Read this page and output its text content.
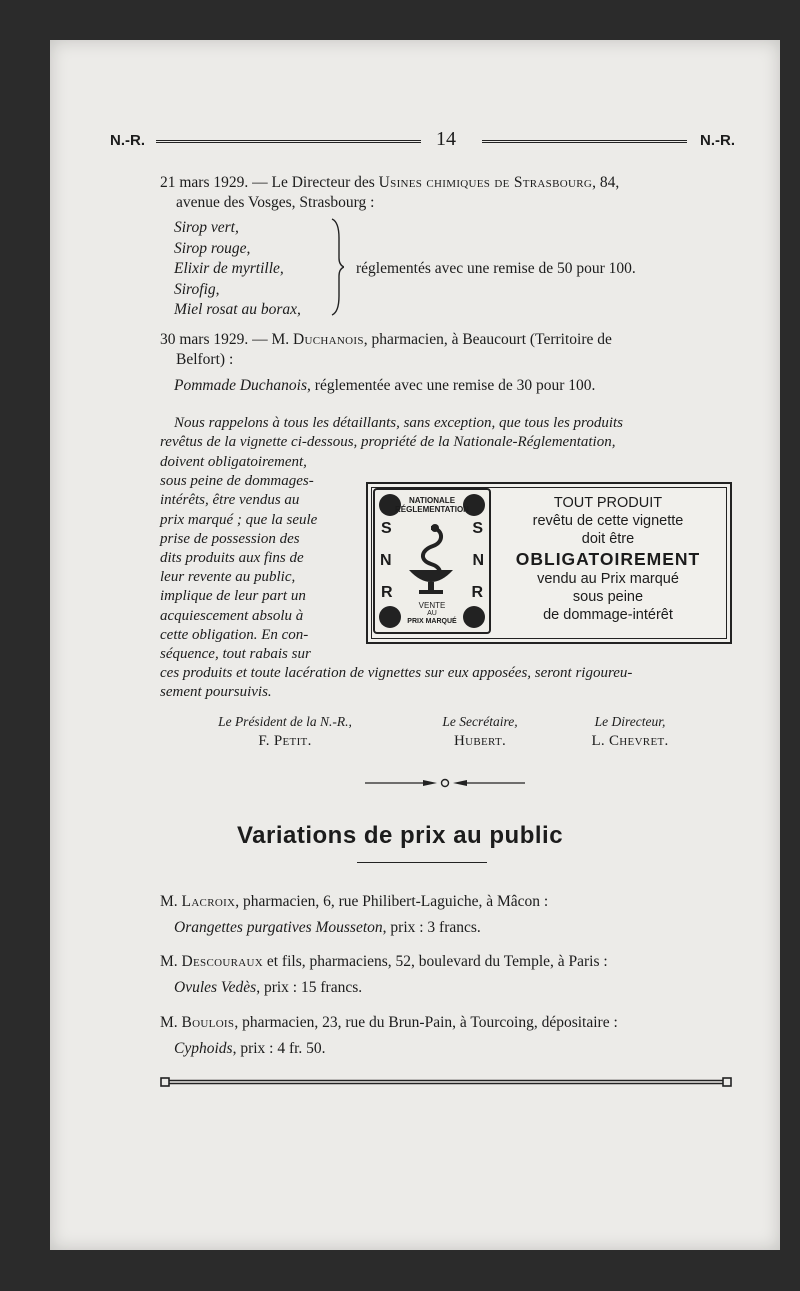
N.-R.	14	N.-R.
21 mars 1929. — Le Directeur des Usines chimiques de Strasbourg, 84,
avenue des Vosges, Strasbourg :
Sirop vert,
Sirop rouge,
Elixir de myrtille,
Sirofig,
Miel rosat au borax,
réglementés avec une remise de 50 pour 100.
30 mars 1929. — M. Duchanois, pharmacien, à Beaucourt (Territoire de
Belfort) :
Pommade Duchanois, réglementée avec une remise de 30 pour 100.
Nous rappelons à tous les détaillants, sans exception, que tous les produits
revêtus de la vignette ci-dessous, propriété de la Nationale-Réglementation,
doivent obligatoirement,
sous peine de dommages-
intérêts, être vendus au
prix marqué ; que la seule
prise de possession des
dits produits aux fins de
leur revente au public,
implique de leur part un
acquiescement absolu à
cette obligation. En con-
séquence, tout rabais sur
ces produits et toute lacération de vignettes sur eux apposées, seront rigoureu-
sement poursuivis.
NATIONALE RÉGLEMENTATION
S	S
N	N
R	R
VENTE
AU
PRIX MARQUÉ
TOUT PRODUIT
revêtu de cette vignette
doit être
OBLIGATOIREMENT
vendu au Prix marqué
sous peine
de dommage-intérêt
Le Président de la N.-R.,
F. Petit.
Le Secrétaire,
Hubert.
Le Directeur,
L. Chevret.
Variations de prix au public
M. Lacroix, pharmacien, 6, rue Philibert-Laguiche, à Mâcon :
Orangettes purgatives Mousseton, prix : 3 francs.
M. Descouraux et fils, pharmaciens, 52, boulevard du Temple, à Paris :
Ovules Vedès, prix : 15 francs.
M. Boulois, pharmacien, 23, rue du Brun-Pain, à Tourcoing, dépositaire :
Cyphoids, prix : 4 fr. 50.
